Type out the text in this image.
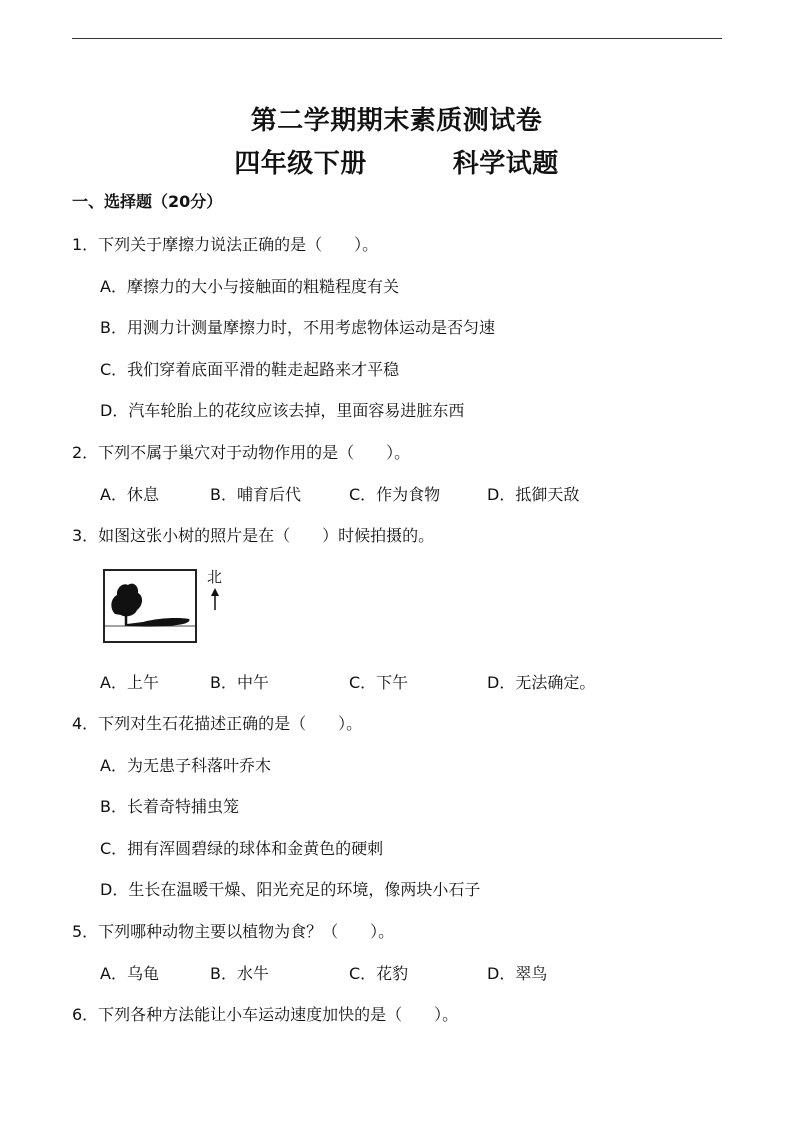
第二学期期末素质测试卷
四年级下册         科学试题
一、选择题（20分）
1．下列关于摩擦力说法正确的是（　　）。
A．摩擦力的大小与接触面的粗糙程度有关
B．用测力计测量摩擦力时，不用考虑物体运动是否匀速
C．我们穿着底面平滑的鞋走起路来才平稳
D．汽车轮胎上的花纹应该去掉，里面容易进脏东西
2．下列不属于巢穴对于动物作用的是（　　）。
A．休息	B．哺育后代	C．作为食物	D．抵御天敌
3．如图这张小树的照片是在（　　）时候拍摄的。
北
A．上午	B．中午	C．下午	D．无法确定。
4．下列对生石花描述正确的是（　　）。
A．为无患子科落叶乔木
B．长着奇特捕虫笼
C．拥有浑圆碧绿的球体和金黄色的硬刺
D．生长在温暖干燥、阳光充足的环境，像两块小石子
5．下列哪种动物主要以植物为食？（　　）。
A．乌龟	B．水牛	C．花豹	D．翠鸟
6．下列各种方法能让小车运动速度加快的是（　　）。
